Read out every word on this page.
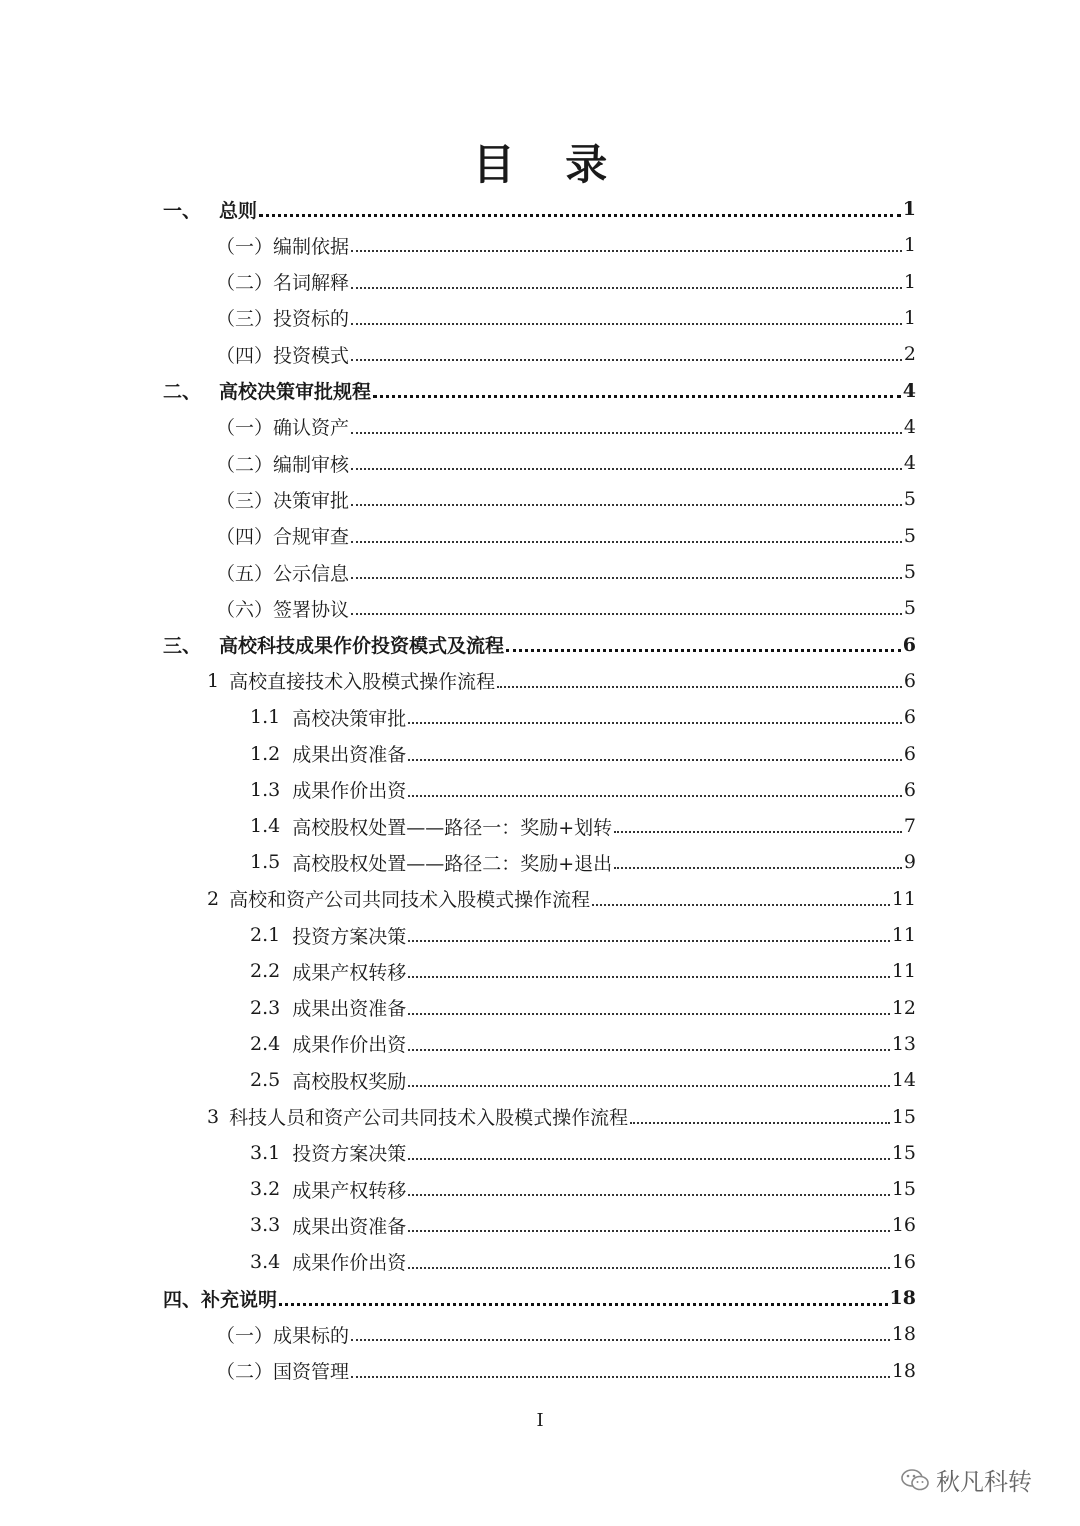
目 录
一、 总则	1
（一）编制依据	1
（二）名词解释	1
（三）投资标的	1
（四）投资模式	2
二、 高校决策审批规程	4
（一）确认资产	4
（二）编制审核	4
（三）决策审批	5
（四）合规审查	5
（五）公示信息	5
（六）签署协议	5
三、 高校科技成果作价投资模式及流程	6
1 高校直接技术入股模式操作流程	6
1.1 高校决策审批	6
1.2 成果出资准备	6
1.3 成果作价出资	6
1.4 高校股权处置——路径一：奖励+划转	7
1.5 高校股权处置——路径二：奖励+退出	9
2 高校和资产公司共同技术入股模式操作流程	11
2.1 投资方案决策	11
2.2 成果产权转移	11
2.3 成果出资准备	12
2.4 成果作价出资	13
2.5 高校股权奖励	14
3 科技人员和资产公司共同技术入股模式操作流程	15
3.1 投资方案决策	15
3.2 成果产权转移	15
3.3 成果出资准备	16
3.4 成果作价出资	16
四、补充说明	18
（一）成果标的	18
（二）国资管理	18
I
秋凡科转
